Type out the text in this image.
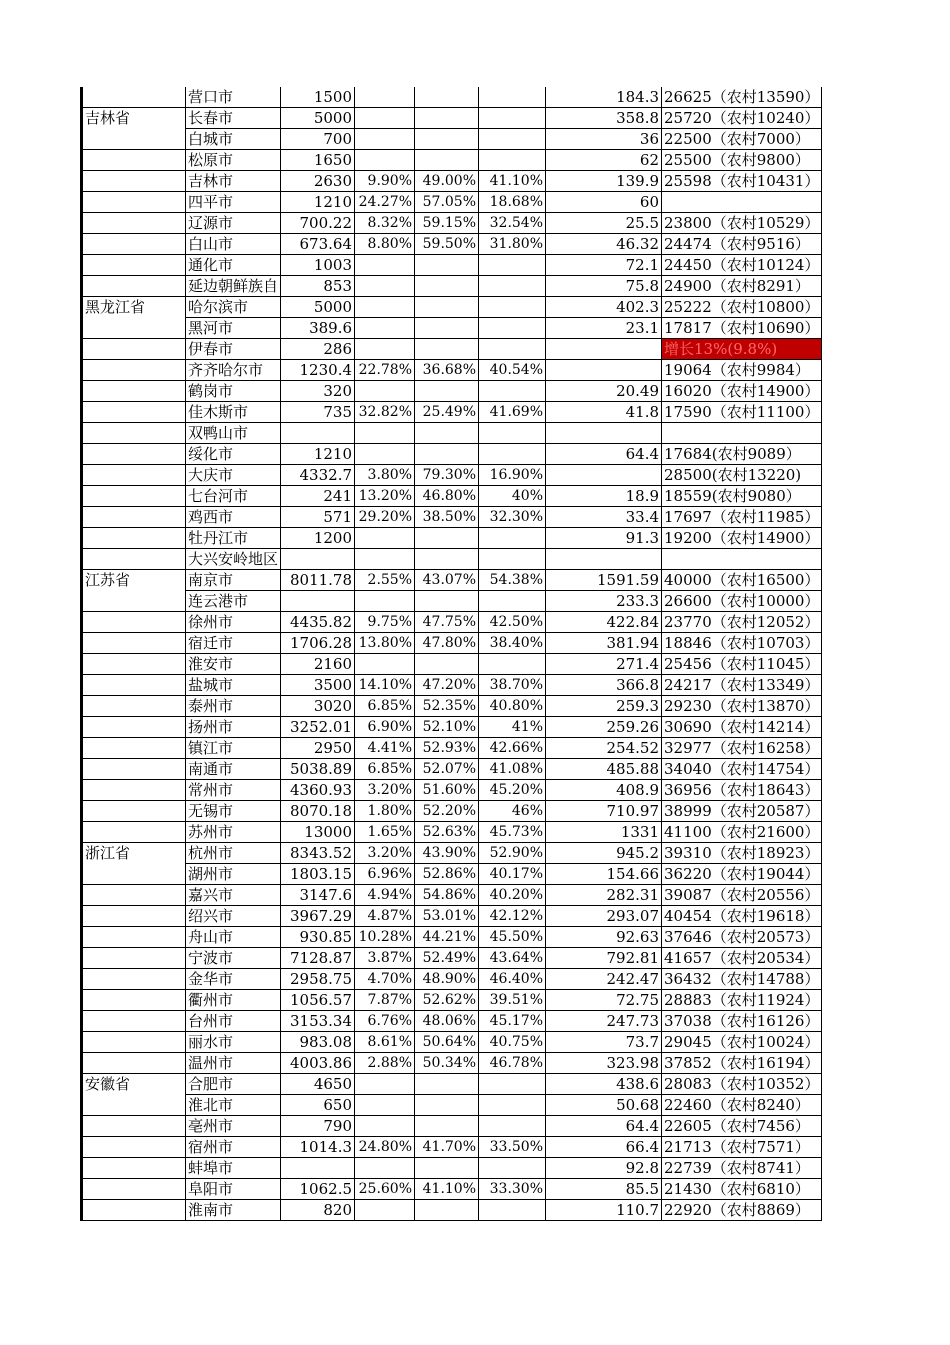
	营口市	1500				184.3	26625（农村13590）
吉林省	长春市	5000				358.8	25720（农村10240）
	白城市	700				36	22500（农村7000）
	松原市	1650				62	25500（农村9800）
	吉林市	2630	9.90%	49.00%	41.10%	139.9	25598（农村10431）
	四平市	1210	24.27%	57.05%	18.68%	60	
	辽源市	700.22	8.32%	59.15%	32.54%	25.5	23800（农村10529）
	白山市	673.64	8.80%	59.50%	31.80%	46.32	24474（农村9516）
	通化市	1003				72.1	24450（农村10124）
	延边朝鲜族自	853				75.8	24900（农村8291）
黑龙江省	哈尔滨市	5000				402.3	25222（农村10800）
	黑河市	389.6				23.1	17817（农村10690）
	伊春市	286					增长13%(9.8%)
	齐齐哈尔市	1230.4	22.78%	36.68%	40.54%		19064（农村9984）
	鹤岗市	320				20.49	16020（农村14900）
	佳木斯市	735	32.82%	25.49%	41.69%	41.8	17590（农村11100）
	双鸭山市						
	绥化市	1210				64.4	17684(农村9089）
	大庆市	4332.7	3.80%	79.30%	16.90%		28500(农村13220)
	七台河市	241	13.20%	46.80%	40%	18.9	18559(农村9080）
	鸡西市	571	29.20%	38.50%	32.30%	33.4	17697（农村11985）
	牡丹江市	1200				91.3	19200（农村14900）
	大兴安岭地区						
江苏省	南京市	8011.78	2.55%	43.07%	54.38%	1591.59	40000（农村16500）
	连云港市					233.3	26600（农村10000）
	徐州市	4435.82	9.75%	47.75%	42.50%	422.84	23770（农村12052）
	宿迁市	1706.28	13.80%	47.80%	38.40%	381.94	18846（农村10703）
	淮安市	2160				271.4	25456（农村11045）
	盐城市	3500	14.10%	47.20%	38.70%	366.8	24217（农村13349）
	泰州市	3020	6.85%	52.35%	40.80%	259.3	29230（农村13870）
	扬州市	3252.01	6.90%	52.10%	41%	259.26	30690（农村14214）
	镇江市	2950	4.41%	52.93%	42.66%	254.52	32977（农村16258）
	南通市	5038.89	6.85%	52.07%	41.08%	485.88	34040（农村14754）
	常州市	4360.93	3.20%	51.60%	45.20%	408.9	36956（农村18643）
	无锡市	8070.18	1.80%	52.20%	46%	710.97	38999（农村20587）
	苏州市	13000	1.65%	52.63%	45.73%	1331	41100（农村21600）
浙江省	杭州市	8343.52	3.20%	43.90%	52.90%	945.2	39310（农村18923）
	湖州市	1803.15	6.96%	52.86%	40.17%	154.66	36220（农村19044）
	嘉兴市	3147.6	4.94%	54.86%	40.20%	282.31	39087（农村20556）
	绍兴市	3967.29	4.87%	53.01%	42.12%	293.07	40454（农村19618）
	舟山市	930.85	10.28%	44.21%	45.50%	92.63	37646（农村20573）
	宁波市	7128.87	3.87%	52.49%	43.64%	792.81	41657（农村20534）
	金华市	2958.75	4.70%	48.90%	46.40%	242.47	36432（农村14788）
	衢州市	1056.57	7.87%	52.62%	39.51%	72.75	28883（农村11924）
	台州市	3153.34	6.76%	48.06%	45.17%	247.73	37038（农村16126）
	丽水市	983.08	8.61%	50.64%	40.75%	73.7	29045（农村10024）
	温州市	4003.86	2.88%	50.34%	46.78%	323.98	37852（农村16194）
安徽省	合肥市	4650				438.6	28083（农村10352）
	淮北市	650				50.68	22460（农村8240）
	亳州市	790				64.4	22605（农村7456）
	宿州市	1014.3	24.80%	41.70%	33.50%	66.4	21713（农村7571）
	蚌埠市					92.8	22739（农村8741）
	阜阳市	1062.5	25.60%	41.10%	33.30%	85.5	21430（农村6810）
	淮南市	820				110.7	22920（农村8869）
